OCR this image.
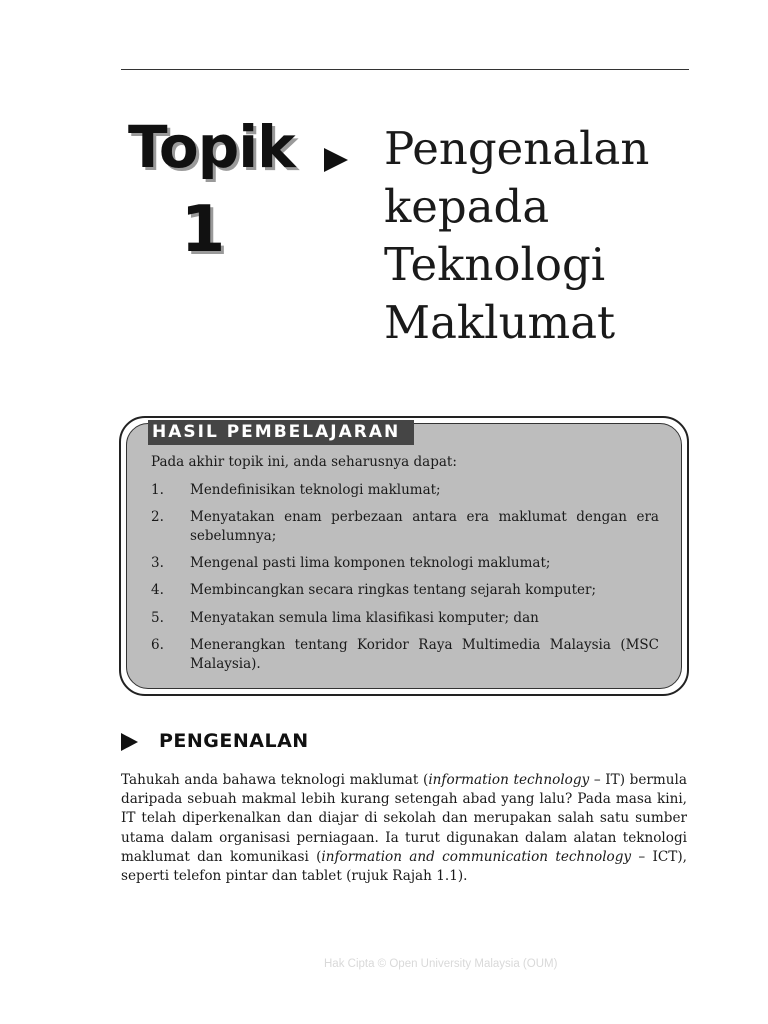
Topik
1
Pengenalan
kepada
Teknologi
Maklumat
HASIL PEMBELAJARAN
Pada akhir topik ini, anda seharusnya dapat:
1.	Mendefinisikan teknologi maklumat;
2.	Menyatakan enam perbezaan antara era maklumat dengan era sebelumnya;
3.	Mengenal pasti lima komponen teknologi maklumat;
4.	Membincangkan secara ringkas tentang sejarah komputer;
5.	Menyatakan semula lima klasifikasi komputer; dan
6.	Menerangkan tentang Koridor Raya Multimedia Malaysia (MSC Malaysia).
PENGENALAN
Tahukah anda bahawa teknologi maklumat (information technology – IT) bermula daripada sebuah makmal lebih kurang setengah abad yang lalu? Pada masa kini, IT telah diperkenalkan dan diajar di sekolah dan merupakan salah satu sumber utama dalam organisasi perniagaan. Ia turut digunakan dalam alatan teknologi maklumat dan komunikasi (information and communication technology – ICT), seperti telefon pintar dan tablet (rujuk Rajah 1.1).
Hak Cipta © Open University Malaysia (OUM)
